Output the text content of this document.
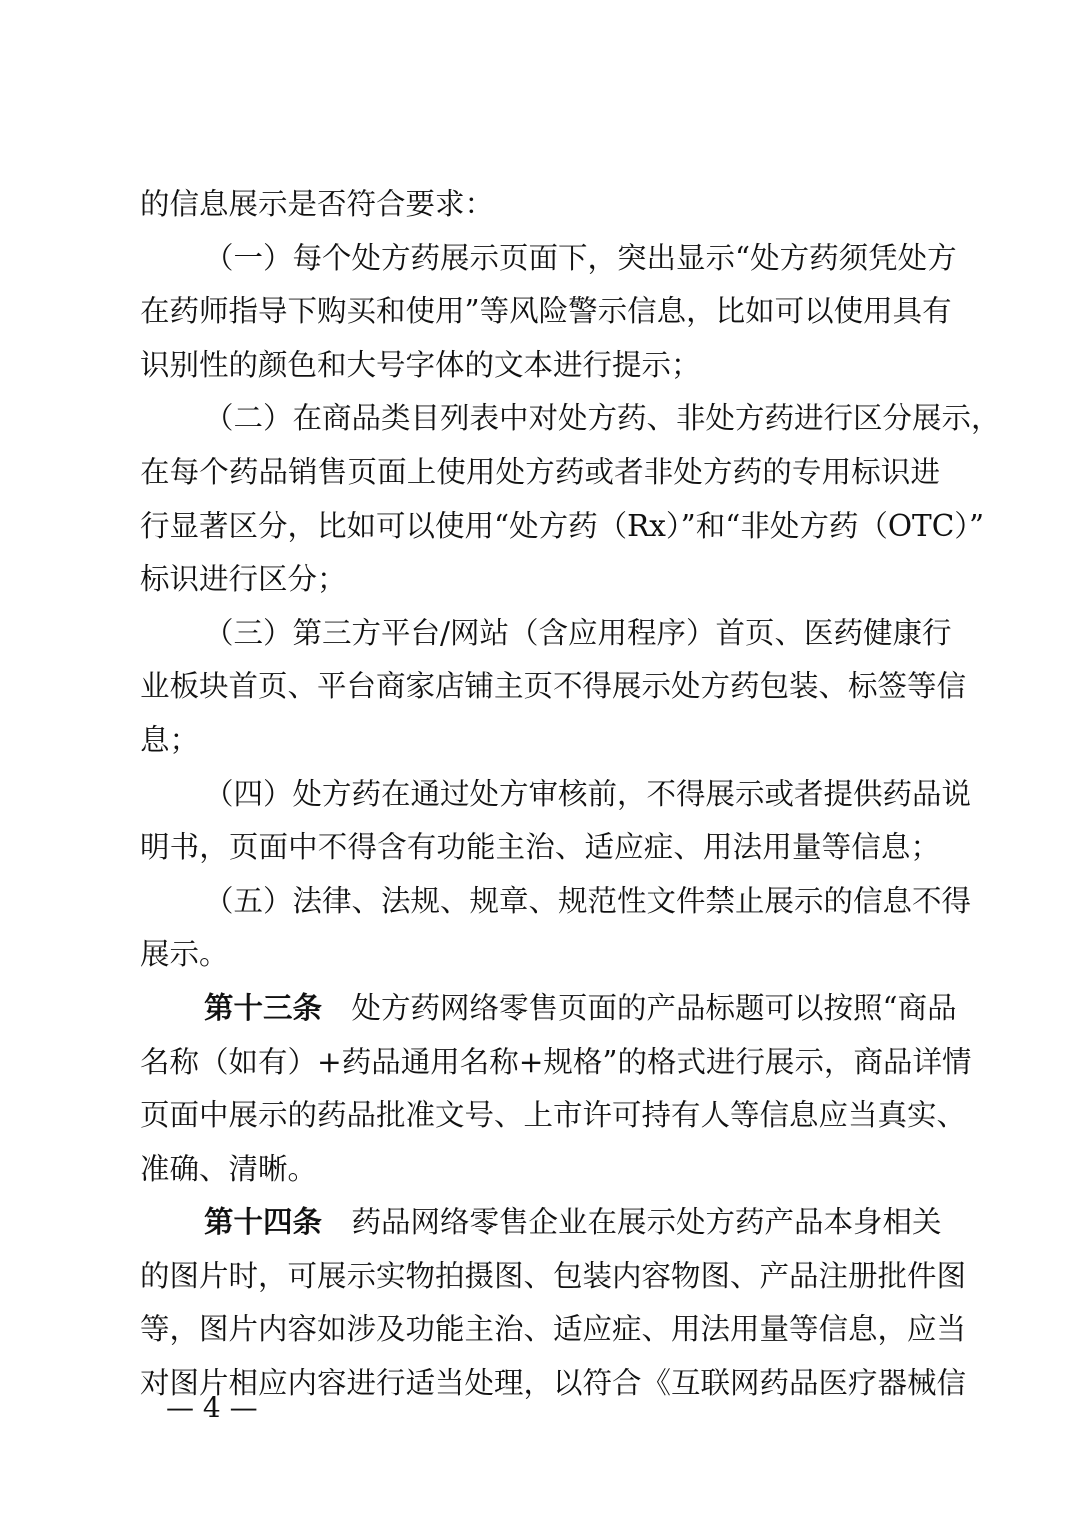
的信息展示是否符合要求：
（一）每个处方药展示页面下，突出显示“处方药须凭处方
在药师指导下购买和使用”等风险警示信息，比如可以使用具有
识别性的颜色和大号字体的文本进行提示；
（二）在商品类目列表中对处方药、非处方药进行区分展示，
在每个药品销售页面上使用处方药或者非处方药的专用标识进
行显著区分，比如可以使用“处方药（Rx）”和“非处方药（OTC）”
标识进行区分；
（三）第三方平台/网站（含应用程序）首页、医药健康行
业板块首页、平台商家店铺主页不得展示处方药包装、标签等信
息；
（四）处方药在通过处方审核前，不得展示或者提供药品说
明书，页面中不得含有功能主治、适应症、用法用量等信息；
（五）法律、法规、规章、规范性文件禁止展示的信息不得
展示。
第十三条　处方药网络零售页面的产品标题可以按照“商品
名称（如有）+药品通用名称+规格”的格式进行展示，商品详情
页面中展示的药品批准文号、上市许可持有人等信息应当真实、
准确、清晰。
第十四条　药品网络零售企业在展示处方药产品本身相关
的图片时，可展示实物拍摄图、包装内容物图、产品注册批件图
等，图片内容如涉及功能主治、适应症、用法用量等信息，应当
对图片相应内容进行适当处理，以符合《互联网药品医疗器械信
— 4 —
